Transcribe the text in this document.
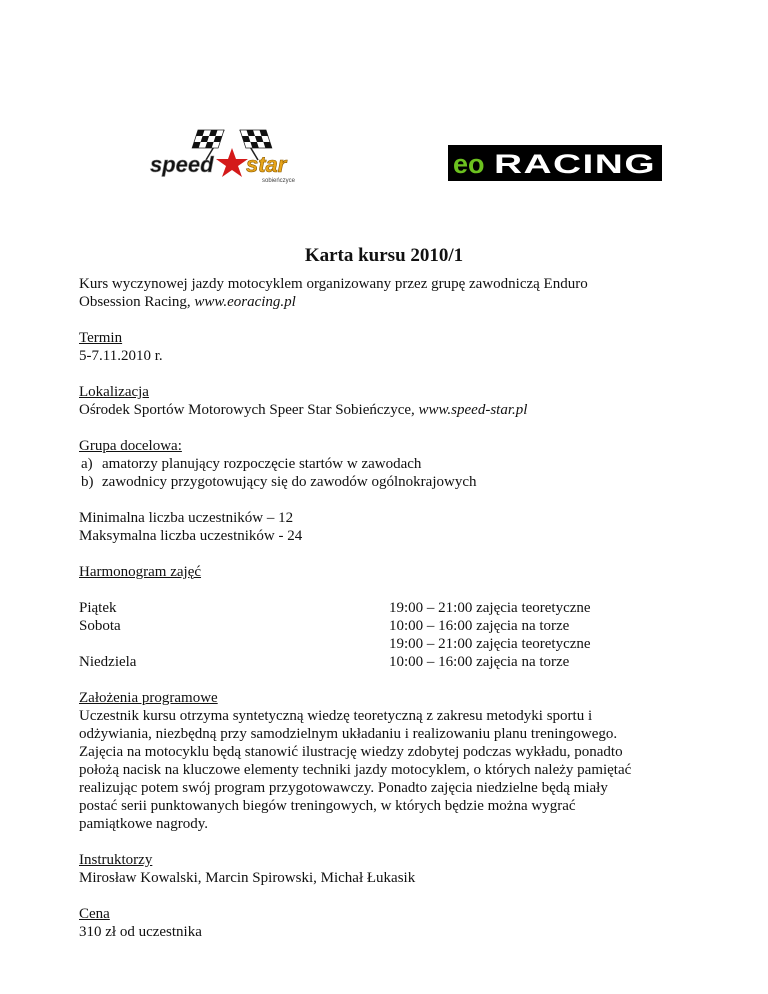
speed star
sobieńczyce
eo RACING
Karta kursu 2010/1
Kurs wyczynowej jazdy motocyklem organizowany przez grupę zawodniczą Enduro
Obsession Racing, www.eoracing.pl
Termin
5-7.11.2010 r.
Lokalizacja
Ośrodek Sportów Motorowych Speer Star Sobieńczyce, www.speed-star.pl
Grupa docelowa:
a) amatorzy planujący rozpoczęcie startów w zawodach
b) zawodnicy przygotowujący się do zawodów ogólnokrajowych
Minimalna liczba uczestników – 12
Maksymalna liczba uczestników - 24
Harmonogram zajęć
Piątek
Sobota
Niedziela
19:00 – 21:00 zajęcia teoretyczne
10:00 – 16:00 zajęcia na torze
19:00 – 21:00 zajęcia teoretyczne
10:00 – 16:00 zajęcia na torze
Założenia programowe
Uczestnik kursu otrzyma syntetyczną wiedzę teoretyczną z zakresu metodyki sportu i
odżywiania, niezbędną przy samodzielnym układaniu i realizowaniu planu treningowego.
Zajęcia na motocyklu będą stanowić ilustrację wiedzy zdobytej podczas wykładu, ponadto
położą nacisk na kluczowe elementy techniki jazdy motocyklem, o których należy pamiętać
realizując potem swój program przygotowawczy. Ponadto zajęcia niedzielne będą miały
postać serii punktowanych biegów treningowych, w których będzie można wygrać
pamiątkowe nagrody.
Instruktorzy
Mirosław Kowalski, Marcin Spirowski, Michał Łukasik
Cena
310 zł od uczestnika
